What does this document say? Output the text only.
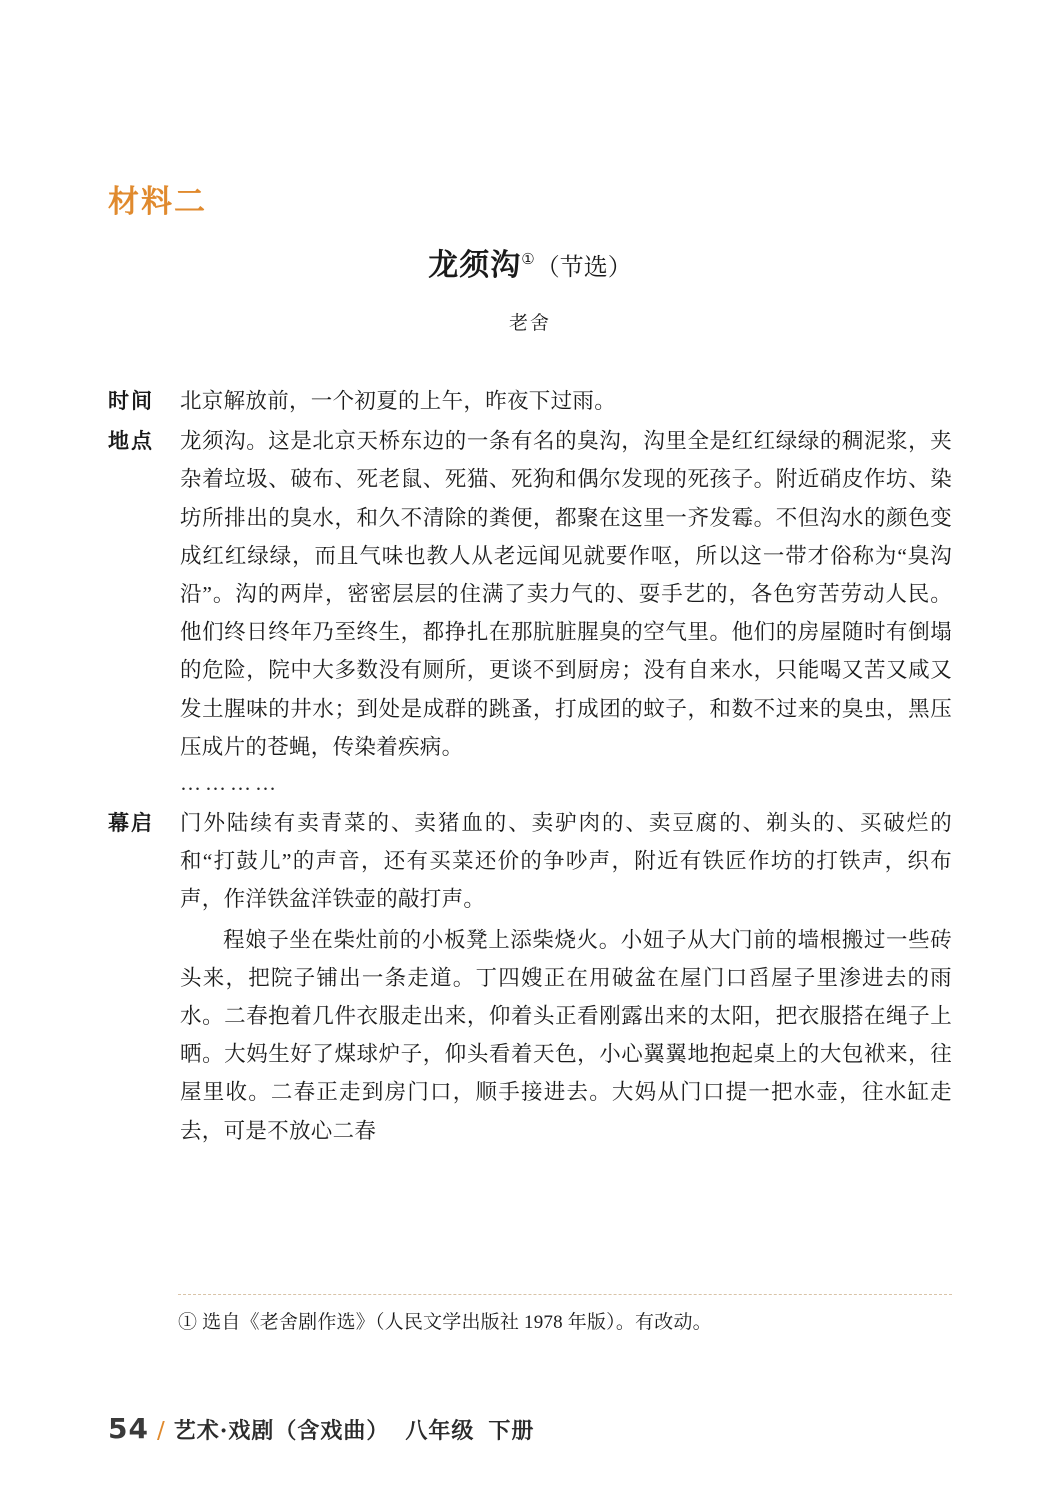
材料二
龙须沟①（节选）
老舍
时间	北京解放前，一个初夏的上午，昨夜下过雨。
地点	龙须沟。这是北京天桥东边的一条有名的臭沟，沟里全是红红绿绿的稠泥浆，夹杂着垃圾、破布、死老鼠、死猫、死狗和偶尔发现的死孩子。附近硝皮作坊、染坊所排出的臭水，和久不清除的粪便，都聚在这里一齐发霉。不但沟水的颜色变成红红绿绿，而且气味也教人从老远闻见就要作呕，所以这一带才俗称为“臭沟沿”。沟的两岸，密密层层的住满了卖力气的、耍手艺的，各色穷苦劳动人民。他们终日终年乃至终生，都挣扎在那肮脏腥臭的空气里。他们的房屋随时有倒塌的危险，院中大多数没有厕所，更谈不到厨房；没有自来水，只能喝又苦又咸又发土腥味的井水；到处是成群的跳蚤，打成团的蚊子，和数不过来的臭虫，黑压压成片的苍蝇，传染着疾病。
…………
幕启	门外陆续有卖青菜的、卖猪血的、卖驴肉的、卖豆腐的、剃头的、买破烂的和“打鼓儿”的声音，还有买菜还价的争吵声，附近有铁匠作坊的打铁声，织布声，作洋铁盆洋铁壶的敲打声。
程娘子坐在柴灶前的小板凳上添柴烧火。小妞子从大门前的墙根搬过一些砖头来，把院子铺出一条走道。丁四嫂正在用破盆在屋门口舀屋子里渗进去的雨水。二春抱着几件衣服走出来，仰着头正看刚露出来的太阳，把衣服搭在绳子上晒。大妈生好了煤球炉子，仰头看着天色，小心翼翼地抱起桌上的大包袱来，往屋里收。二春正走到房门口，顺手接进去。大妈从门口提一把水壶，往水缸走去，可是不放心二春
① 选自《老舍剧作选》（人民文学出版社 1978 年版）。有改动。
54 / 艺术·戏剧（含戏曲） 八年级 下册
